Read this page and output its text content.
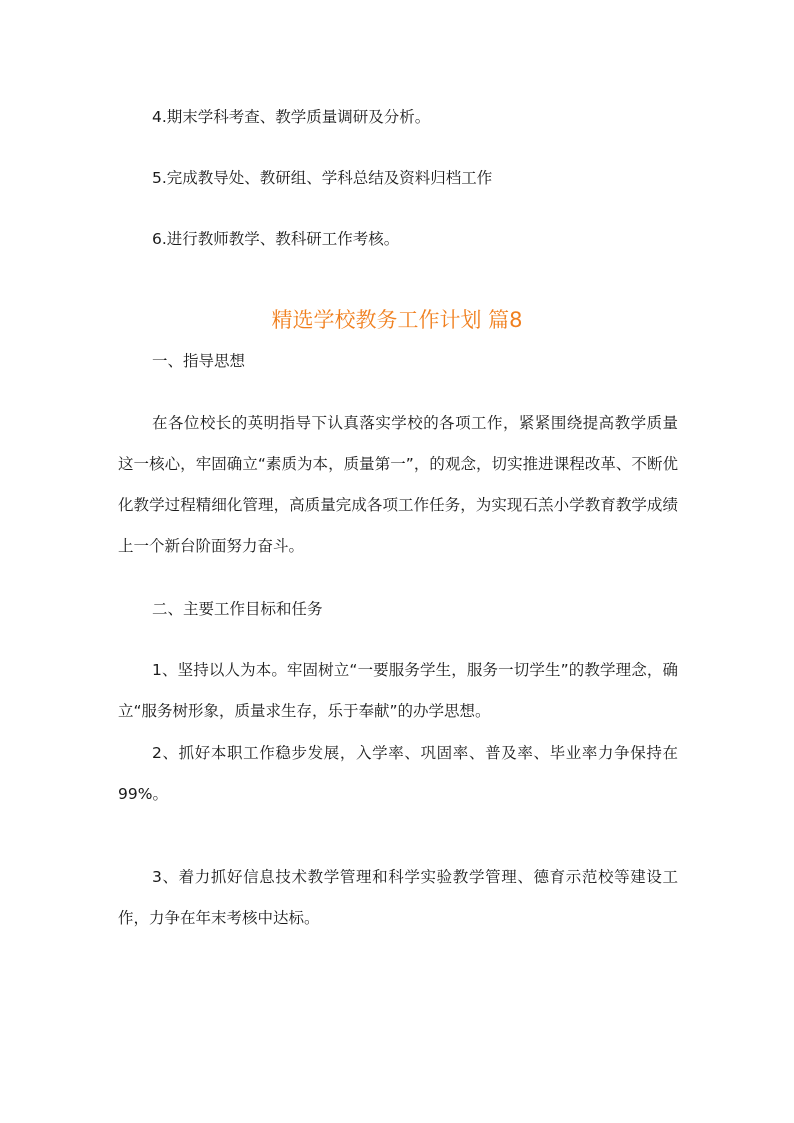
4.期末学科考查、教学质量调研及分析。

5.完成教导处、教研组、学科总结及资料归档工作

6.进行教师教学、教科研工作考核。

精选学校教务工作计划 篇8

一、指导思想

在各位校长的英明指导下认真落实学校的各项工作，紧紧围绕提高教学质量这一核心，牢固确立“素质为本，质量第一”，的观念，切实推进课程改革、不断优化教学过程精细化管理，高质量完成各项工作任务，为实现石羔小学教育教学成绩上一个新台阶面努力奋斗。

二、主要工作目标和任务

1、坚持以人为本。牢固树立“一要服务学生，服务一切学生”的教学理念，确立“服务树形象，质量求生存，乐于奉献”的办学思想。

2、抓好本职工作稳步发展，入学率、巩固率、普及率、毕业率力争保持在99%。

3、着力抓好信息技术教学管理和科学实验教学管理、德育示范校等建设工作，力争在年末考核中达标。
